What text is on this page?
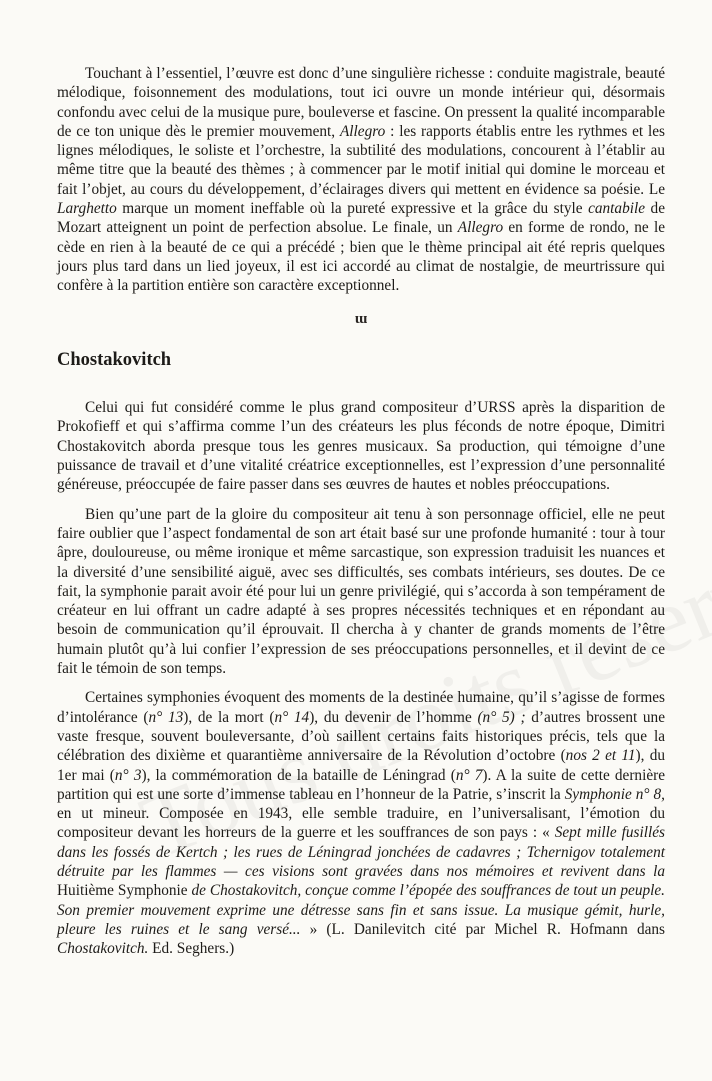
Touchant à l’essentiel, l’œuvre est donc d’une singulière richesse : conduite magistrale, beauté mélodique, foisonnement des modulations, tout ici ouvre un monde intérieur qui, désormais confondu avec celui de la musique pure, bouleverse et fascine. On pressent la qualité incomparable de ce ton unique dès le premier mouvement, Allegro : les rapports établis entre les rythmes et les lignes mélodiques, le soliste et l’orchestre, la subtilité des modulations, concourent à l’établir au même titre que la beauté des thèmes ; à commencer par le motif initial qui domine le morceau et fait l’objet, au cours du développement, d’éclairages divers qui mettent en évidence sa poésie. Le Larghetto marque un moment ineffable où la pureté expressive et la grâce du style cantabile de Mozart atteignent un point de perfection absolue. Le finale, un Allegro en forme de rondo, ne le cède en rien à la beauté de ce qui a précédé ; bien que le thème principal ait été repris quelques jours plus tard dans un lied joyeux, il est ici accordé au climat de nostalgie, de meurtrissure qui confère à la partition entière son caractère exceptionnel.

ɯ
Chostakovitch

Celui qui fut considéré comme le plus grand compositeur d’URSS après la disparition de Prokofieff et qui s’affirma comme l’un des créateurs les plus féconds de notre époque, Dimitri Chostakovitch aborda presque tous les genres musicaux. Sa production, qui témoigne d’une puissance de travail et d’une vitalité créatrice exceptionnelles, est l’expression d’une personnalité généreuse, préoccupée de faire passer dans ses œuvres de hautes et nobles préoccupations.

Bien qu’une part de la gloire du compositeur ait tenu à son personnage officiel, elle ne peut faire oublier que l’aspect fondamental de son art était basé sur une profonde humanité : tour à tour âpre, douloureuse, ou même ironique et même sarcastique, son expression traduisit les nuances et la diversité d’une sensibilité aiguë, avec ses difficultés, ses combats intérieurs, ses doutes. De ce fait, la symphonie parait avoir été pour lui un genre privilégié, qui s’accorda à son tempérament de créateur en lui offrant un cadre adapté à ses propres nécessités techniques et en répondant au besoin de communication qu’il éprouvait. Il chercha à y chanter de grands moments de l’être humain plutôt qu’à lui confier l’expression de ses préoccupations personnelles, et il devint de ce fait le témoin de son temps.

Certaines symphonies évoquent des moments de la destinée humaine, qu’il s’agisse de formes d’intolérance (n° 13), de la mort (n° 14), du devenir de l’homme (n° 5) ; d’autres brossent une vaste fresque, souvent bouleversante, d’où saillent certains faits historiques précis, tels que la célébration des dixième et quarantième anniversaire de la Révolution d’octobre (nos 2 et 11), du 1er mai (n° 3), la commémoration de la bataille de Léningrad (n° 7). A la suite de cette dernière partition qui est une sorte d’immense tableau en l’honneur de la Patrie, s’inscrit la Symphonie n° 8, en ut mineur. Composée en 1943, elle semble traduire, en l’universalisant, l’émotion du compositeur devant les horreurs de la guerre et les souffrances de son pays : « Sept mille fusillés dans les fossés de Kertch ; les rues de Léningrad jonchées de cadavres ; Tchernigov totalement détruite par les flammes — ces visions sont gravées dans nos mémoires et revivent dans la Huitième Symphonie de Chostakovitch, conçue comme l’épopée des souffrances de tout un peuple. Son premier mouvement exprime une détresse sans fin et sans issue. La musique gémit, hurle, pleure les ruines et le sang versé... » (L. Danilevitch cité par Michel R. Hofmann dans Chostakovitch. Ed. Seghers.)
